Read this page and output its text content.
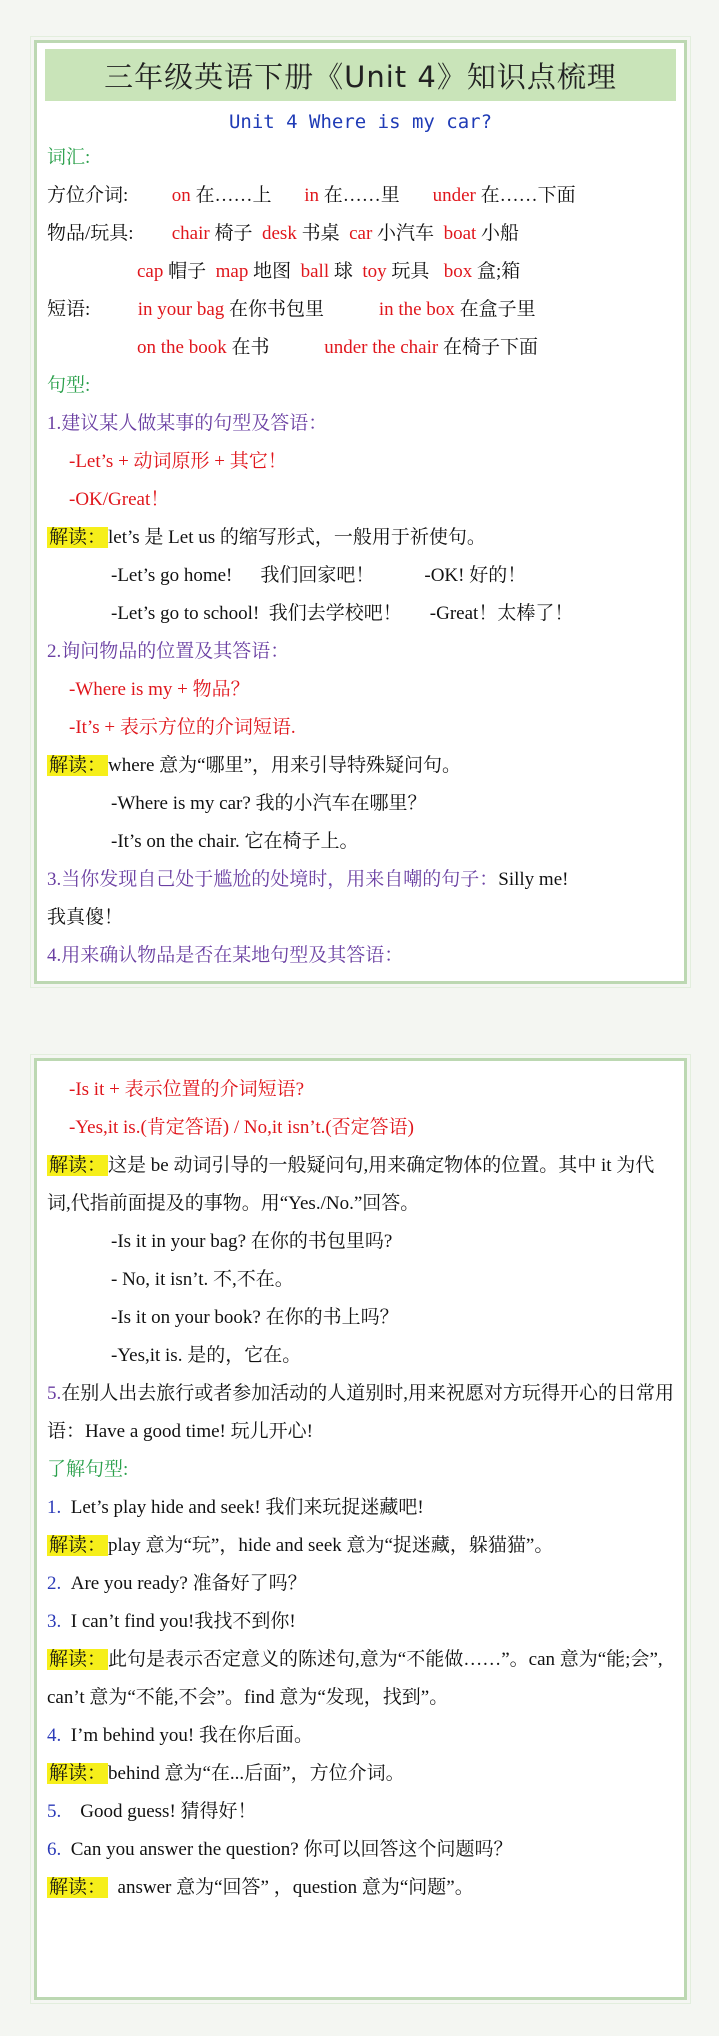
三年级英语下册《Unit 4》知识点梳理
Unit 4 Where is my car?
词汇:
方位介词: on 在……上 in 在……里 under 在……下面
物品/玩具: chair 椅子 desk 书桌 car 小汽车 boat 小船
cap 帽子 map 地图 ball 球 toy 玩具 box 盒;箱
短语: in your bag 在你书包里	in the box 在盒子里
on the book 在书	under the chair 在椅子下面
句型:
1.建议某人做某事的句型及答语：
-Let’s + 动词原形 + 其它！
-OK/Great！
解读： let’s 是 Let us 的缩写形式，一般用于祈使句。
-Let’s go home! 我们回家吧！	-OK! 好的！
-Let’s go to school! 我们去学校吧！ -Great！太棒了！
2.询问物品的位置及其答语：
-Where is my + 物品？
-It’s + 表示方位的介词短语.
解读： where 意为“哪里”，用来引导特殊疑问句。
-Where is my car? 我的小汽车在哪里？
-It’s on the chair. 它在椅子上。
3.当你发现自己处于尴尬的处境时，用来自嘲的句子：Silly me!
我真傻！
4.用来确认物品是否在某地句型及其答语：
-Is it + 表示位置的介词短语?
-Yes,it is.(肯定答语) / No,it isn’t.(否定答语)
解读： 这是 be 动词引导的一般疑问句,用来确定物体的位置。其中 it 为代词,代指前面提及的事物。用“Yes./No.”回答。
-Is it in your bag? 在你的书包里吗?
- No, it isn’t. 不,不在。
-Is it on your book? 在你的书上吗？
-Yes,it is. 是的，它在。
5.在别人出去旅行或者参加活动的人道别时,用来祝愿对方玩得开心的日常用语：Have a good time! 玩儿开心!
了解句型:
1. Let’s play hide and seek! 我们来玩捉迷藏吧!
解读： play 意为“玩”，hide and seek 意为“捉迷藏，躲猫猫”。
2. Are you ready? 准备好了吗？
3. I can’t find you!我找不到你!
解读： 此句是表示否定意义的陈述句,意为“不能做……”。can 意为“能;会”, can’t 意为“不能,不会”。find 意为“发现，找到”。
4. I’m behind you! 我在你后面。
解读： behind 意为“在...后面”，方位介词。
5. Good guess! 猜得好！
6. Can you answer the question? 你可以回答这个问题吗？
解读：  answer 意为“回答” ，question 意为“问题”。
